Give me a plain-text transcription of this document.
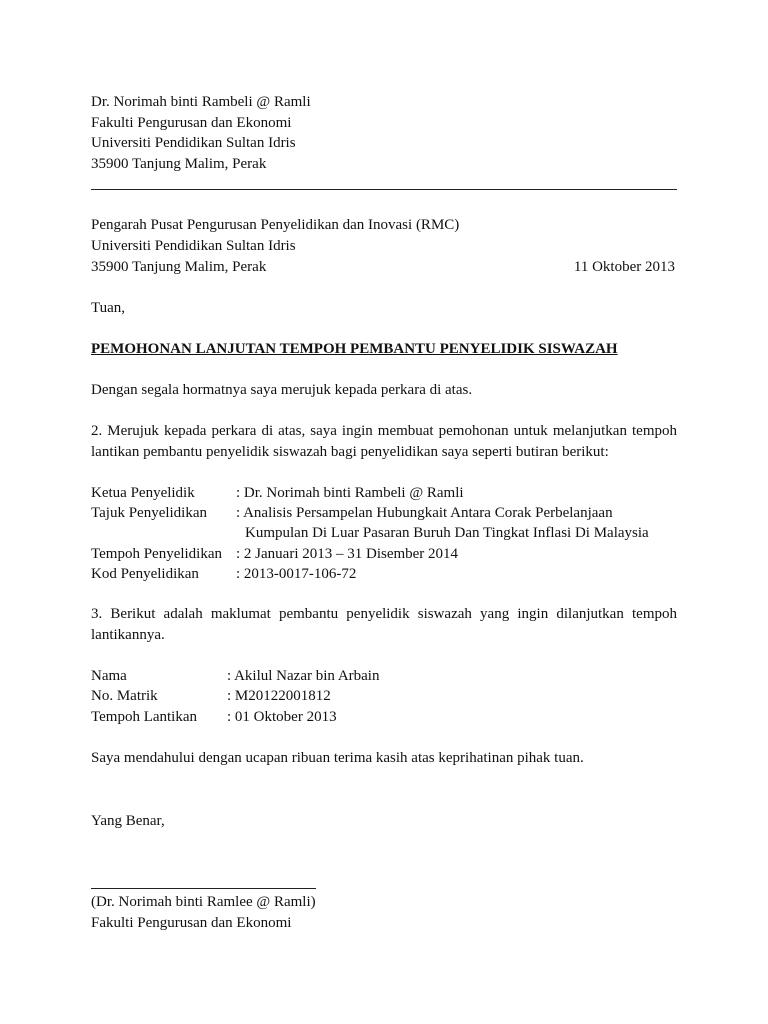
Dr. Norimah binti Rambeli @ Ramli
Fakulti Pengurusan dan Ekonomi
Universiti Pendidikan Sultan Idris
35900 Tanjung Malim, Perak
Pengarah Pusat Pengurusan Penyelidikan dan Inovasi (RMC)
Universiti Pendidikan Sultan Idris
35900 Tanjung Malim, Perak	11 Oktober 2013
Tuan,
PEMOHONAN LANJUTAN TEMPOH PEMBANTU PENYELIDIK SISWAZAH
Dengan segala hormatnya saya merujuk kepada perkara di atas.
2. Merujuk kepada perkara di atas, saya ingin membuat pemohonan untuk melanjutkan tempoh lantikan pembantu penyelidik siswazah bagi penyelidikan saya seperti butiran berikut:
Ketua Penyelidik	: Dr. Norimah binti Rambeli @ Ramli
Tajuk Penyelidikan : Analisis Persampelan Hubungkait Antara Corak Perbelanjaan
Kumpulan Di Luar Pasaran Buruh Dan Tingkat Inflasi Di Malaysia
Tempoh Penyelidikan : 2 Januari 2013 – 31 Disember 2014
Kod Penyelidikan : 2013-0017-106-72
3. Berikut adalah maklumat pembantu penyelidik siswazah yang ingin dilanjutkan tempoh lantikannya.
Nama	: Akilul Nazar bin Arbain
No. Matrik	: M20122001812
Tempoh Lantikan : 01 Oktober 2013
Saya mendahului dengan ucapan ribuan terima kasih atas keprihatinan pihak tuan.
Yang Benar,
(Dr. Norimah binti Ramlee @ Ramli)
Fakulti Pengurusan dan Ekonomi
